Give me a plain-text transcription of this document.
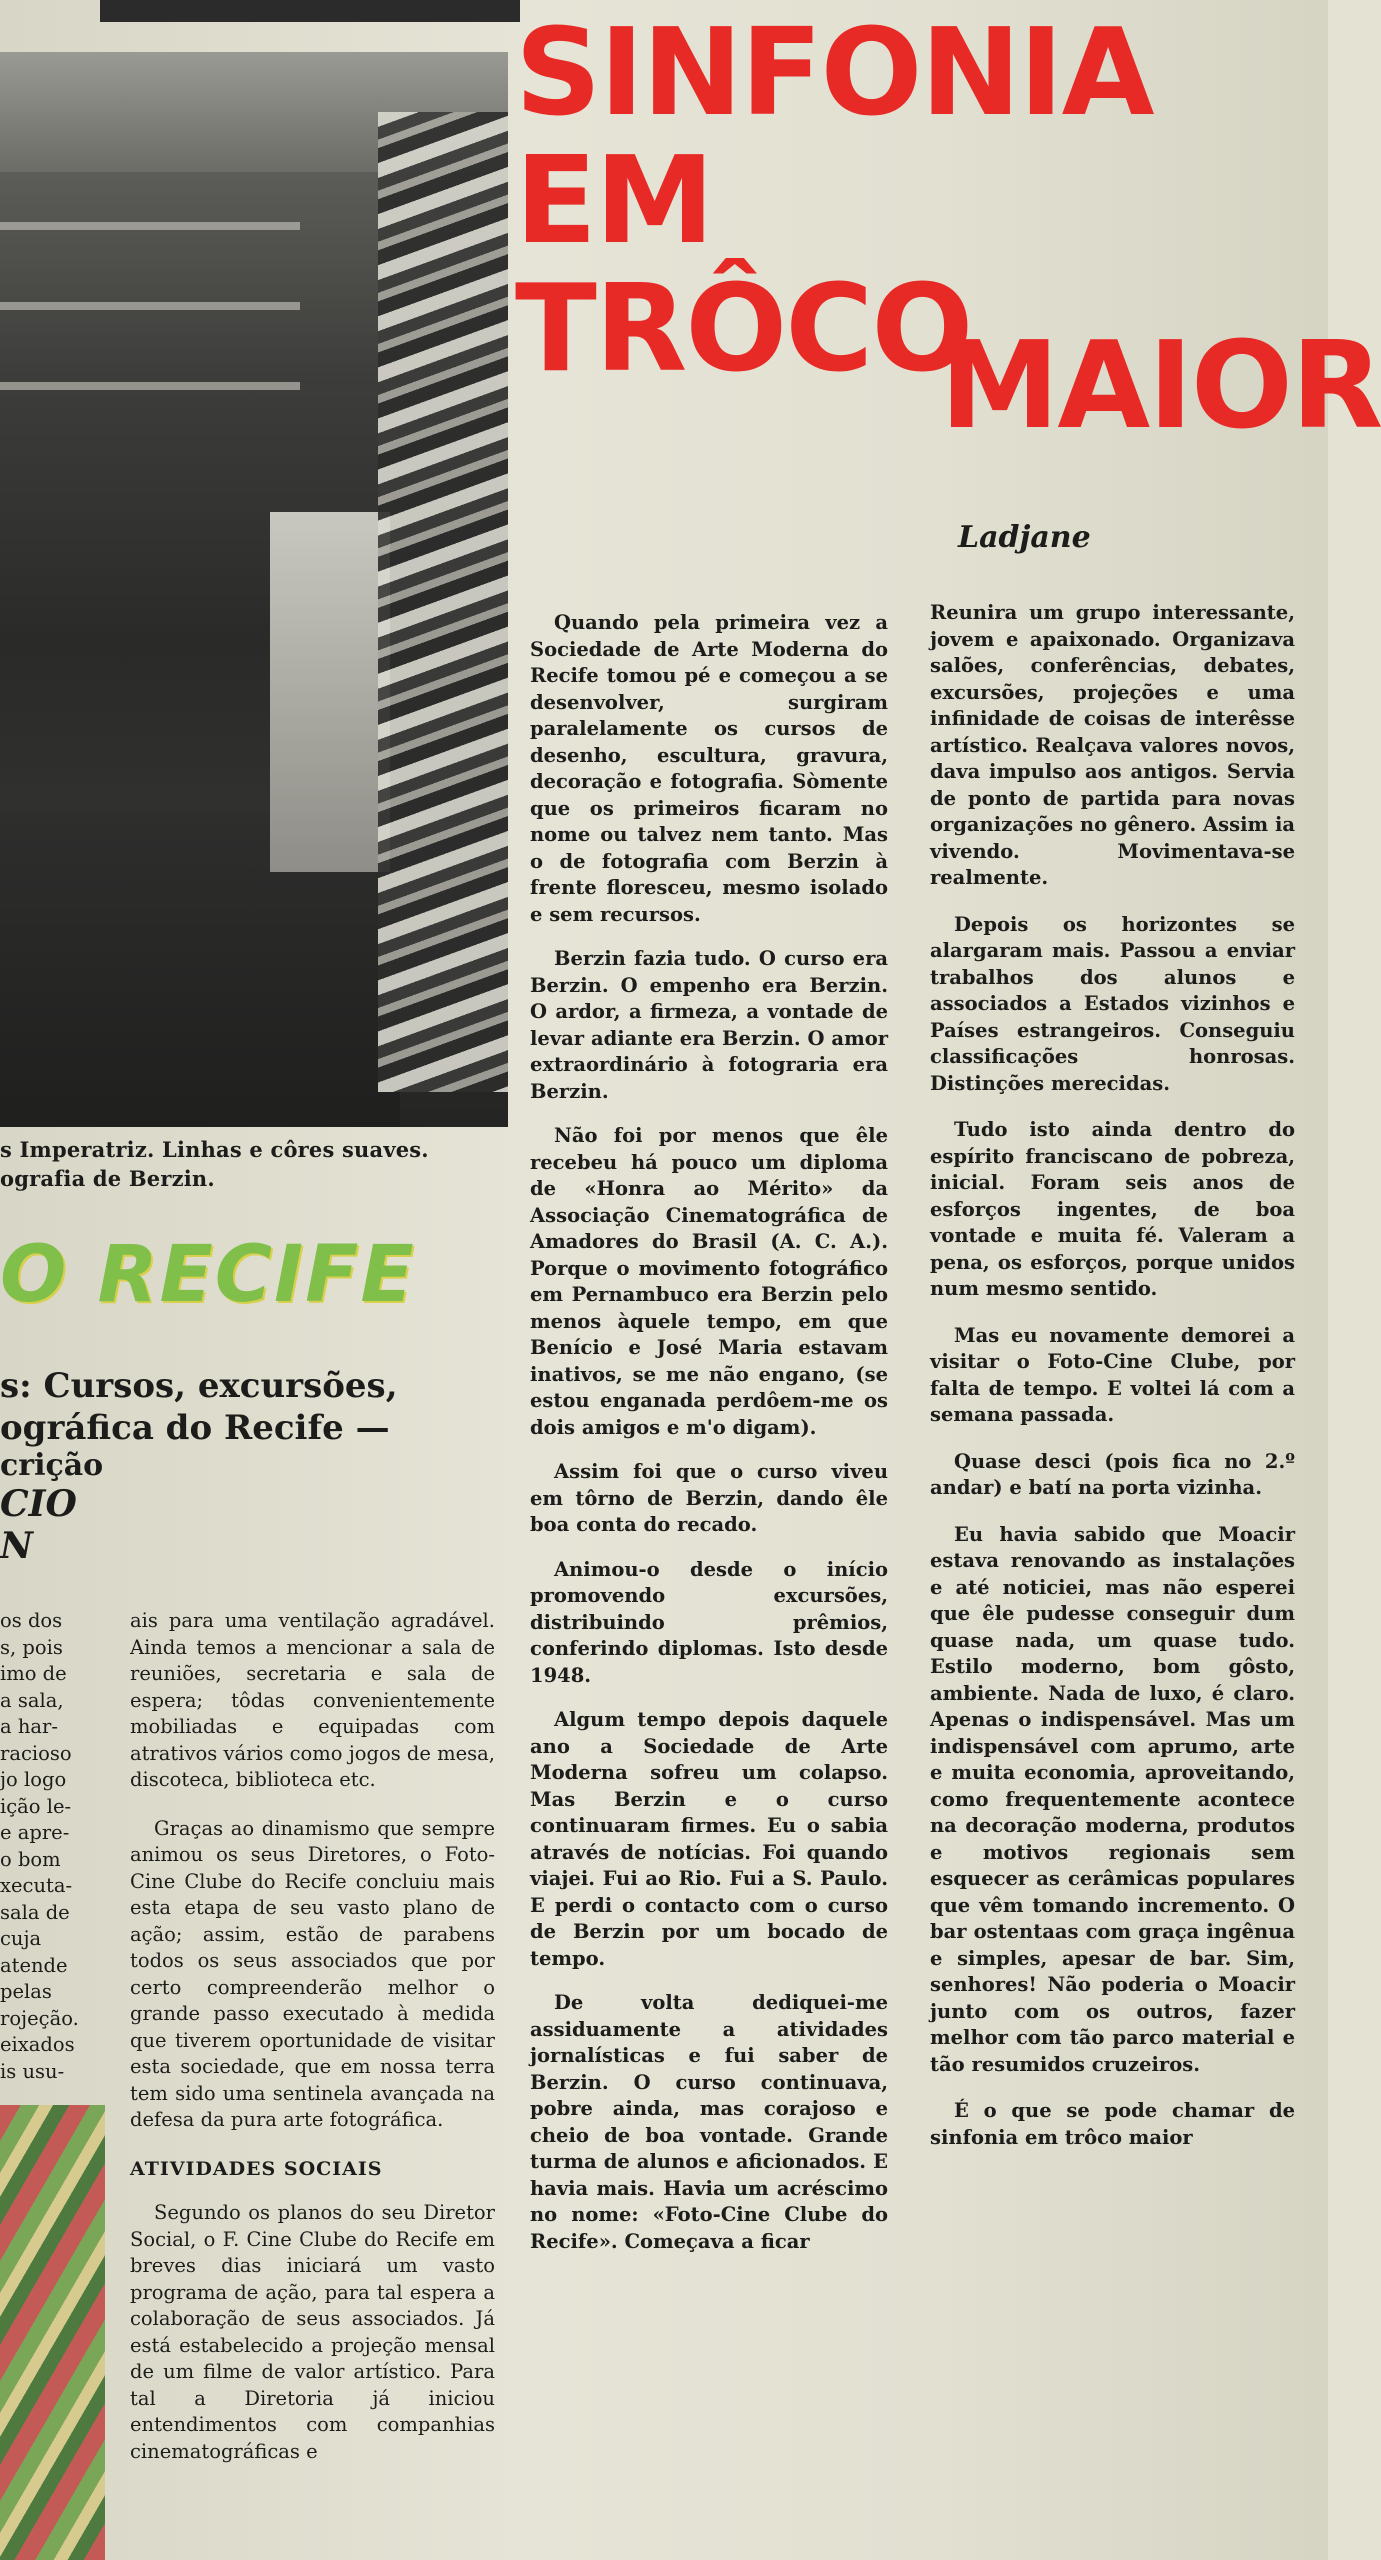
s Imperatriz. Linhas e côres suaves.
ografia de Berzin.
O RECIFE
s: Cursos, excursões,
ográfica do Recife —
crição
CIO
N
os dos
s, pois
imo de
a sala,
a har-
racioso
jo logo
ição le-
e apre-
o bom
xecuta-
sala de
cuja
atende
pelas
rojeção.
eixados
is usu-

ais para uma ventilação agradável. Ainda temos a mencionar a sala de reuniões, secretaria e sala de espera; tôdas convenientemente mobiliadas e equipadas com atrativos vários como jogos de mesa, discoteca, biblioteca etc.

Graças ao dinamismo que sempre animou os seus Diretores, o Foto-Cine Clube do Recife concluiu mais esta etapa de seu vasto plano de ação; assim, estão de parabens todos os seus associados que por certo compreenderão melhor o grande passo executado à medida que tiverem oportunidade de visitar esta sociedade, que em nossa terra tem sido uma sentinela avançada na defesa da pura arte fotográfica.

ATIVIDADES SOCIAIS

Segundo os planos do seu Diretor Social, o F. Cine Clube do Recife em breves dias iniciará um vasto programa de ação, para tal espera a colaboração de seus associados. Já está estabelecido a projeção mensal de um filme de valor artístico. Para tal a Diretoria já iniciou entendimentos com companhias cinematográficas e

SINFONIA
EM
TRÔCO
MAIOR
Ladjane

Quando pela primeira vez a Sociedade de Arte Moderna do Recife tomou pé e começou a se desenvolver, surgiram paralelamente os cursos de desenho, escultura, gravura, decoração e fotografia. Sòmente que os primeiros ficaram no nome ou talvez nem tanto. Mas o de fotografia com Berzin à frente floresceu, mesmo isolado e sem recursos.

Berzin fazia tudo. O curso era Berzin. O empenho era Berzin. O ardor, a firmeza, a vontade de levar adiante era Berzin. O amor extraordinário à fotograria era Berzin.

Não foi por menos que êle recebeu há pouco um diploma de «Honra ao Mérito» da Associação Cinematográfica de Amadores do Brasil (A. C. A.). Porque o movimento fotográfico em Pernambuco era Berzin pelo menos àquele tempo, em que Benício e José Maria estavam inativos, se me não engano, (se estou enganada perdôem-me os dois amigos e m'o digam).

Assim foi que o curso viveu em tôrno de Berzin, dando êle boa conta do recado.

Animou-o desde o início promovendo excursões, distribuindo prêmios, conferindo diplomas. Isto desde 1948.

Algum tempo depois daquele ano a Sociedade de Arte Moderna sofreu um colapso. Mas Berzin e o curso continuaram firmes. Eu o sabia através de notícias. Foi quando viajei. Fui ao Rio. Fui a S. Paulo. E perdi o contacto com o curso de Berzin por um bocado de tempo.

De volta dediquei-me assiduamente a atividades jornalísticas e fui saber de Berzin. O curso continuava, pobre ainda, mas corajoso e cheio de boa vontade. Grande turma de alunos e aficionados. E havia mais. Havia um acréscimo no nome: «Foto-Cine Clube do Recife». Começava a ficar

Reunira um grupo interessante, jovem e apaixonado. Organizava salões, conferências, debates, excursões, projeções e uma infinidade de coisas de interêsse artístico. Realçava valores novos, dava impulso aos antigos. Servia de ponto de partida para novas organizações no gênero. Assim ia vivendo. Movimentava-se realmente.

Depois os horizontes se alargaram mais. Passou a enviar trabalhos dos alunos e associados a Estados vizinhos e Países estrangeiros. Conseguiu classificações honrosas. Distinções merecidas.

Tudo isto ainda dentro do espírito franciscano de pobreza, inicial. Foram seis anos de esforços ingentes, de boa vontade e muita fé. Valeram a pena, os esforços, porque unidos num mesmo sentido.

Mas eu novamente demorei a visitar o Foto-Cine Clube, por falta de tempo. E voltei lá com a semana passada.

Quase desci (pois fica no 2.º andar) e batí na porta vizinha.

Eu havia sabido que Moacir estava renovando as instalações e até noticiei, mas não esperei que êle pudesse conseguir dum quase nada, um quase tudo. Estilo moderno, bom gôsto, ambiente. Nada de luxo, é claro. Apenas o indispensável. Mas um indispensável com aprumo, arte e muita economia, aproveitando, como frequentemente acontece na decoração moderna, produtos e motivos regionais sem esquecer as cerâmicas populares que vêm tomando incremento. O bar ostentaas com graça ingênua e simples, apesar de bar. Sim, senhores! Não poderia o Moacir junto com os outros, fazer melhor com tão parco material e tão resumidos cruzeiros.

É o que se pode chamar de sinfonia em trôco maior
